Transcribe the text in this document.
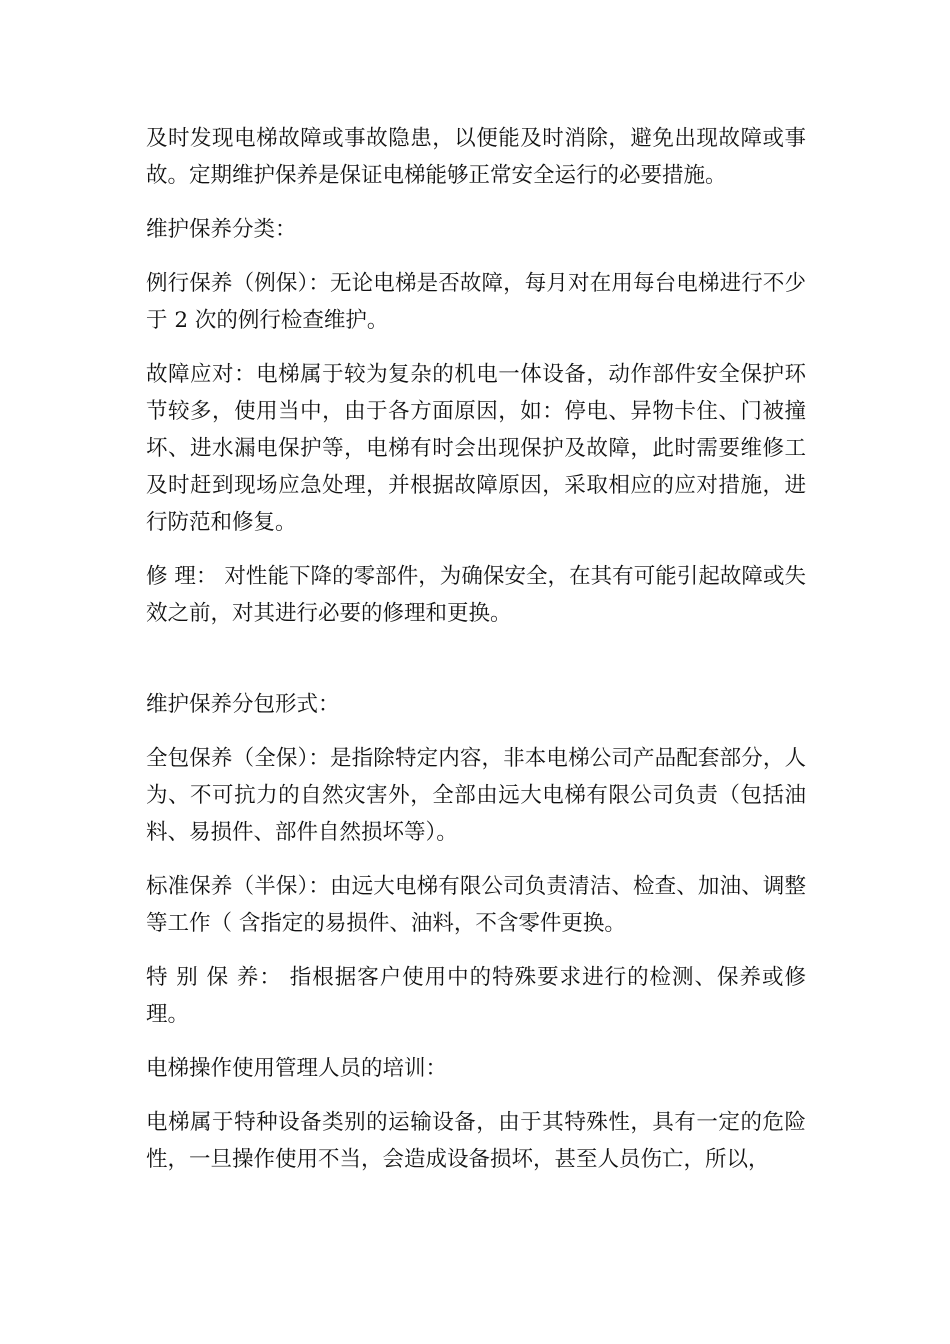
及时发现电梯故障或事故隐患，以便能及时消除，避免出现故障或事故。定期维护保养是保证电梯能够正常安全运行的必要措施。

维护保养分类：

例行保养（例保）：无论电梯是否故障，每月对在用每台电梯进行不少于 2 次的例行检查维护。

故障应对：电梯属于较为复杂的机电一体设备，动作部件安全保护环节较多，使用当中，由于各方面原因，如：停电、异物卡住、门被撞坏、进水漏电保护等，电梯有时会出现保护及故障，此时需要维修工及时赶到现场应急处理，并根据故障原因，采取相应的应对措施，进行防范和修复。

修 理： 对性能下降的零部件，为确保安全，在其有可能引起故障或失效之前，对其进行必要的修理和更换。

维护保养分包形式：

全包保养（全保）：是指除特定内容，非本电梯公司产品配套部分，人为、不可抗力的自然灾害外，全部由远大电梯有限公司负责（包括油料、易损件、部件自然损坏等）。

标准保养（半保）：由远大电梯有限公司负责清洁、检查、加油、调整等工作（ 含指定的易损件、油料，不含零件更换。

特 别 保 养： 指根据客户使用中的特殊要求进行的检测、保养或修理。

电梯操作使用管理人员的培训：

电梯属于特种设备类别的运输设备，由于其特殊性，具有一定的危险性，一旦操作使用不当，会造成设备损坏，甚至人员伤亡，所以，
